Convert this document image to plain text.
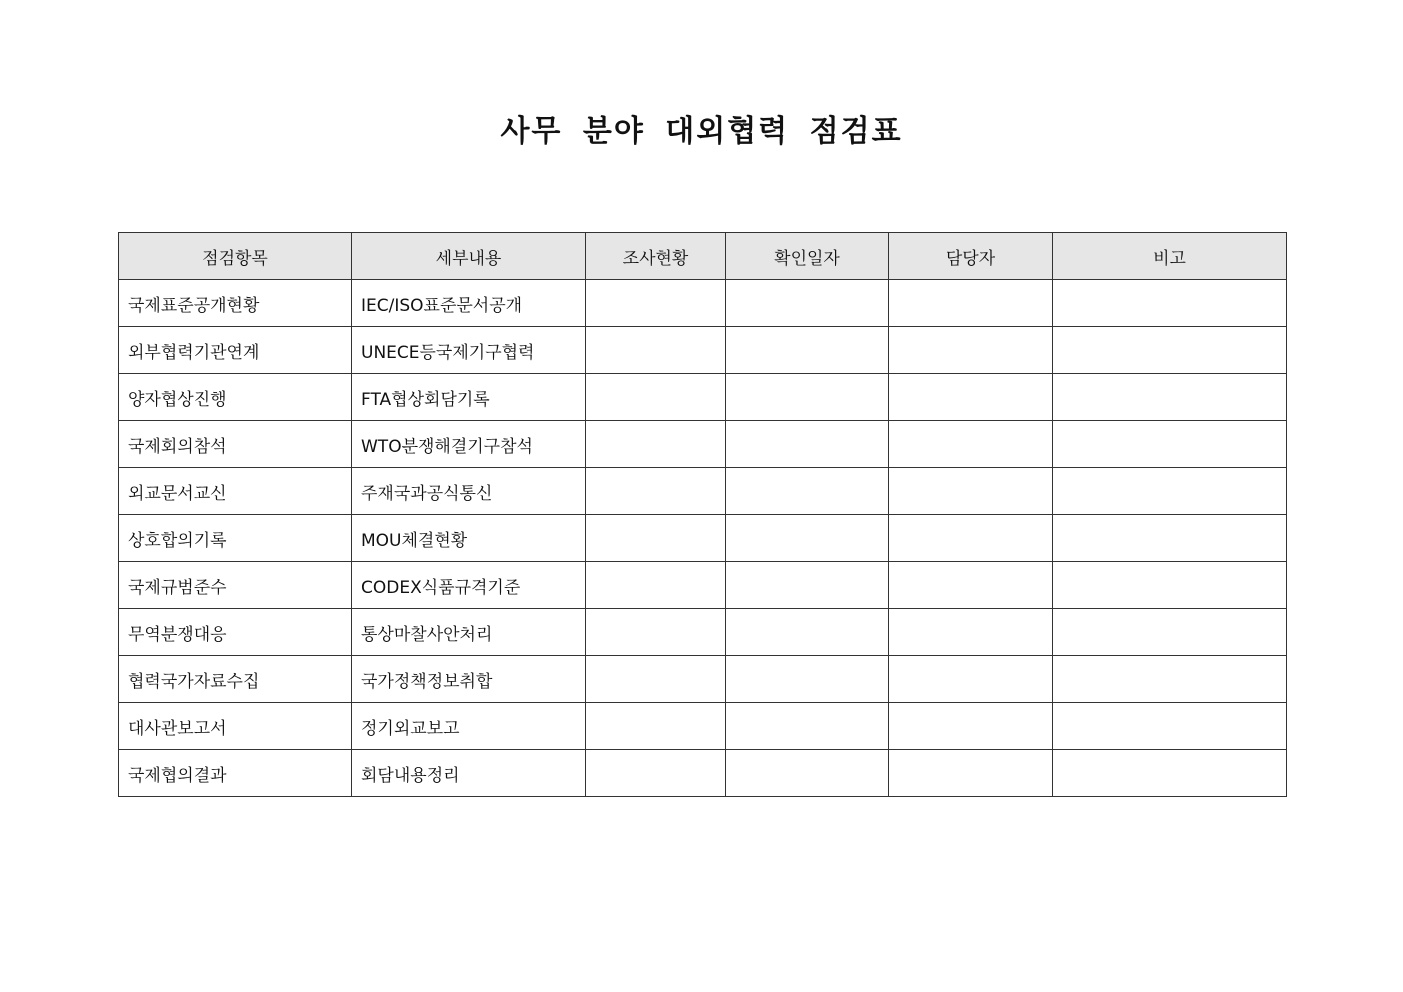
사무 분야 대외협력 점검표
점검항목	세부내용	조사현황	확인일자	담당자	비고
국제표준공개현황	IEC/ISO표준문서공개				
외부협력기관연계	UNECE등국제기구협력				
양자협상진행	FTA협상회담기록				
국제회의참석	WTO분쟁해결기구참석				
외교문서교신	주재국과공식통신				
상호합의기록	MOU체결현황				
국제규범준수	CODEX식품규격기준				
무역분쟁대응	통상마찰사안처리				
협력국가자료수집	국가정책정보취합				
대사관보고서	정기외교보고				
국제협의결과	회담내용정리				
